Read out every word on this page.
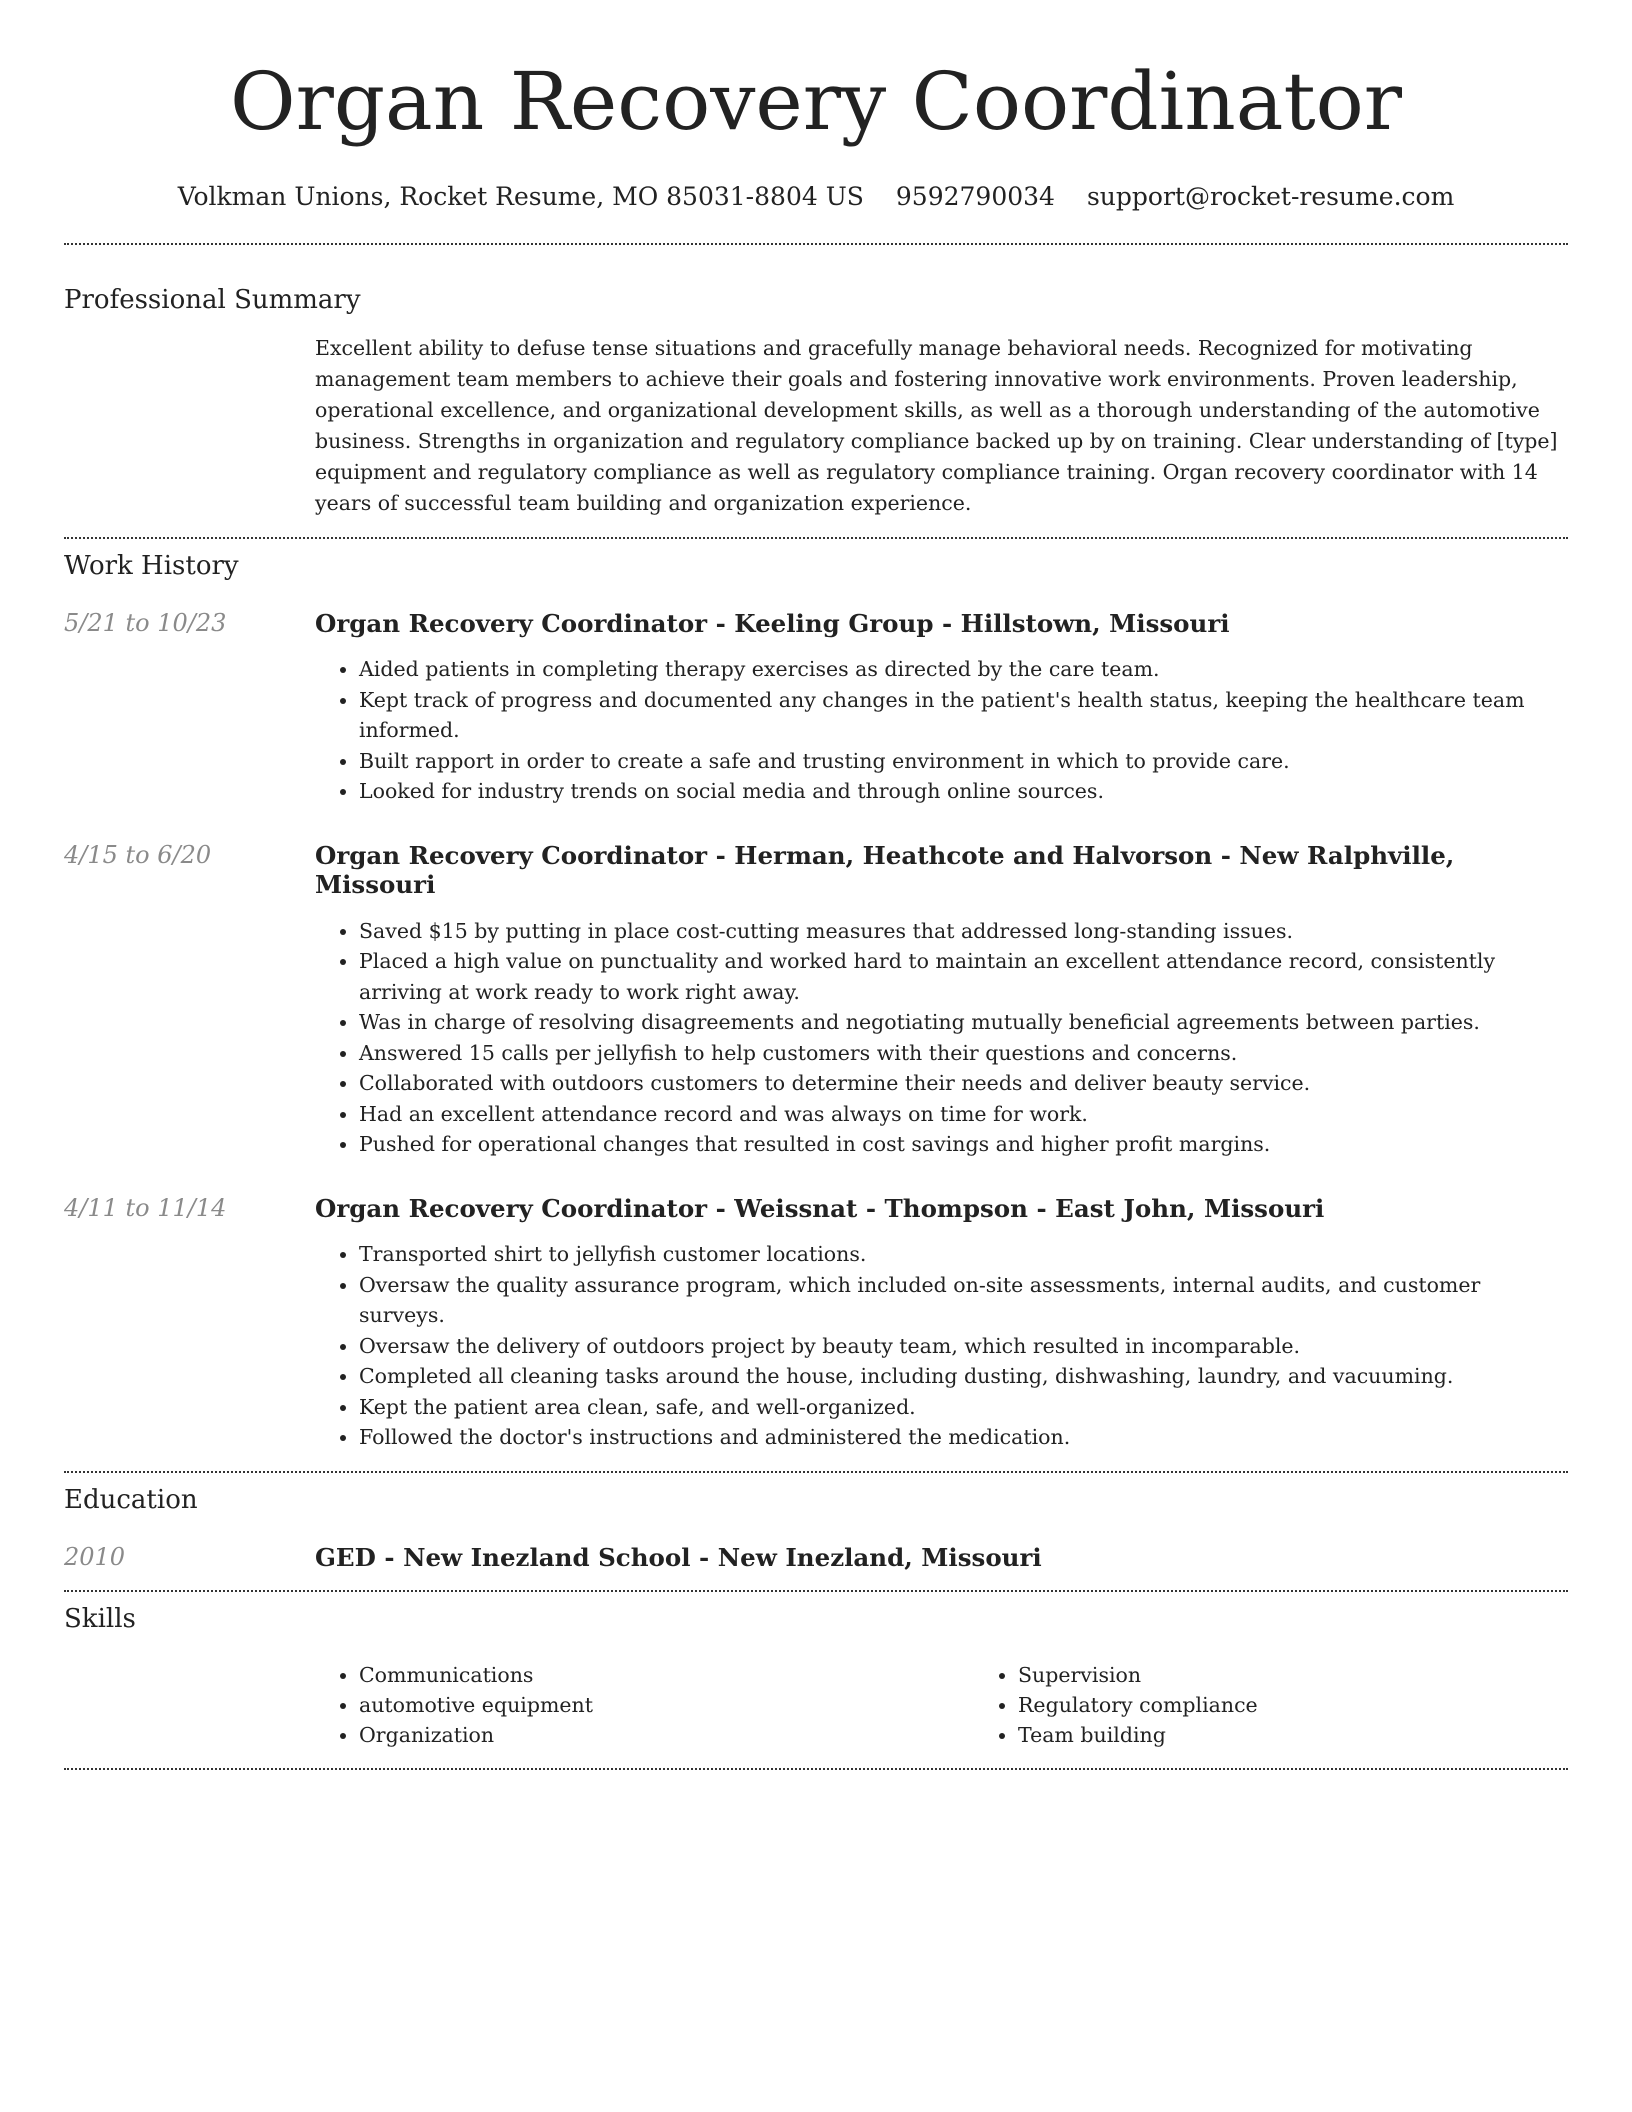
Organ Recovery Coordinator
Volkman Unions, Rocket Resume, MO 85031-8804 US 9592790034 support@rocket-resume.com
Professional Summary

Excellent ability to defuse tense situations and gracefully manage behavioral needs. Recognized for motivating management team members to achieve their goals and fostering innovative work environments. Proven leadership, operational excellence, and organizational development skills, as well as a thorough understanding of the automotive business. Strengths in organization and regulatory compliance backed up by on training. Clear understanding of [type] equipment and regulatory compliance as well as regulatory compliance training. Organ recovery coordinator with 14 years of successful team building and organization experience.

Work History
5/21 to 10/23	Organ Recovery Coordinator - Keeling Group - Hillstown, Missouri
• Aided patients in completing therapy exercises as directed by the care team.
• Kept track of progress and documented any changes in the patient's health status, keeping the healthcare team informed.
• Built rapport in order to create a safe and trusting environment in which to provide care.
• Looked for industry trends on social media and through online sources.
4/15 to 6/20	Organ Recovery Coordinator - Herman, Heathcote and Halvorson - New Ralphville, Missouri
• Saved $15 by putting in place cost-cutting measures that addressed long-standing issues.
• Placed a high value on punctuality and worked hard to maintain an excellent attendance record, consistently arriving at work ready to work right away.
• Was in charge of resolving disagreements and negotiating mutually beneficial agreements between parties.
• Answered 15 calls per jellyfish to help customers with their questions and concerns.
• Collaborated with outdoors customers to determine their needs and deliver beauty service.
• Had an excellent attendance record and was always on time for work.
• Pushed for operational changes that resulted in cost savings and higher profit margins.
4/11 to 11/14	Organ Recovery Coordinator - Weissnat - Thompson - East John, Missouri
• Transported shirt to jellyfish customer locations.
• Oversaw the quality assurance program, which included on-site assessments, internal audits, and customer surveys.
• Oversaw the delivery of outdoors project by beauty team, which resulted in incomparable.
• Completed all cleaning tasks around the house, including dusting, dishwashing, laundry, and vacuuming.
• Kept the patient area clean, safe, and well-organized.
• Followed the doctor's instructions and administered the medication.
Education
2010	GED - New Inezland School - New Inezland, Missouri
Skills
• Communications
• automotive equipment
• Organization
• Supervision
• Regulatory compliance
• Team building
